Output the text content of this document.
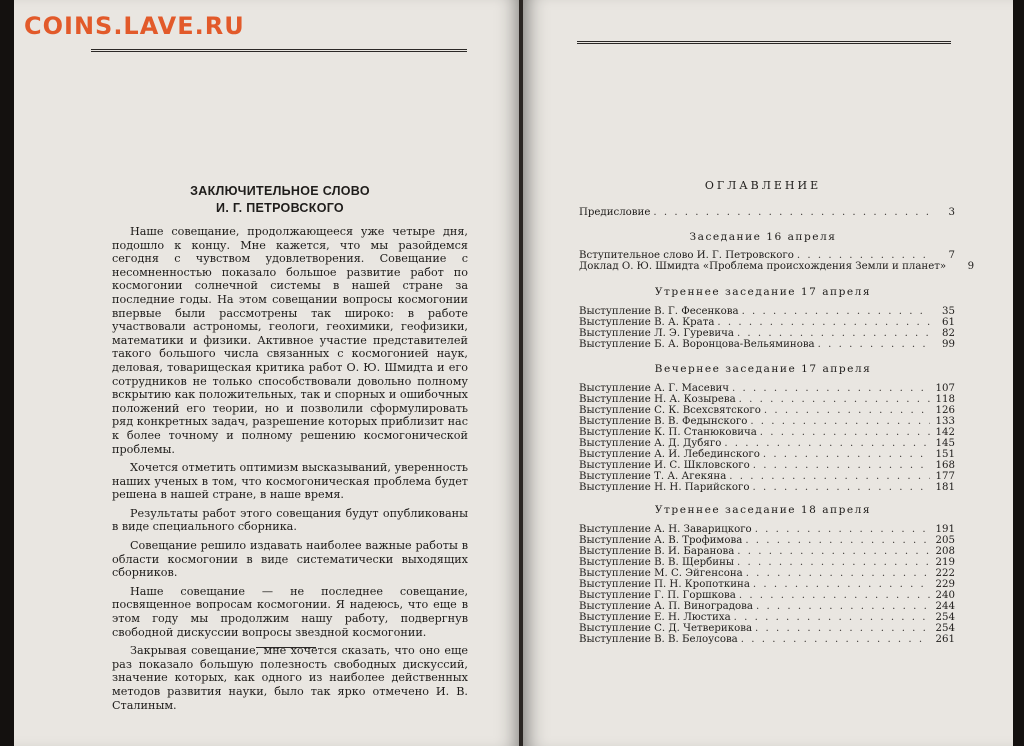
ЗАКЛЮЧИТЕЛЬНОЕ СЛОВО
И. Г. ПЕТРОВСКОГО

Наше совещание, продолжающееся уже четыре дня, подошло к концу. Мне кажется, что мы разойдемся сегодня с чувством удовлетворения. Совещание с несомненностью показало большое развитие работ по космогонии солнечной системы в нашей стране за последние годы. На этом совещании вопросы космогонии впервые были рассмотрены так широко: в работе участвовали астрономы, геологи, геохимики, геофизики, математики и физики. Активное участие представителей такого большого числа связанных с космогонией наук, деловая, товарищеская критика работ О. Ю. Шмидта и его сотрудников не только способствовали довольно полному вскрытию как положительных, так и спорных и ошибочных положений его теории, но и позволили сформулировать ряд конкретных задач, разрешение которых приблизит нас к более точному и полному решению космогонической проблемы.

Хочется отметить оптимизм высказываний, уверенность наших ученых в том, что космогоническая проблема будет решена в нашей стране, в наше время.

Результаты работ этого совещания будут опубликованы в виде специального сборника.

Совещание решило издавать наиболее важные работы в области космогонии в виде систематически выходящих сборников.

Наше совещание — не последнее совещание, посвященное вопросам космогонии. Я надеюсь, что еще в этом году мы продолжим нашу работу, подвергнув свободной дискуссии вопросы звездной космогонии.

Закрывая совещание, мне хочется сказать, что оно еще раз показало большую полезность свободных дискуссий, значение которых, как одного из наиболее действенных методов развития науки, было так ярко отмечено И. В. Сталиным.

ОГЛАВЛЕНИЕ
Предисловие . . .	3
Заседание 16 апреля
Вступительное слово И. Г. Петровского . . .	7
Доклад О. Ю. Шмидта «Проблема происхождения Земли и планет»	9
Утреннее заседание 17 апреля
Выступление В. Г. Фесенкова . . .	35
Выступление В. А. Крата . . .	61
Выступление Л. Э. Гуревича . . .	82
Выступление Б. А. Воронцова-Вельяминова . . .	99
Вечернее заседание 17 апреля
Выступление А. Г. Масевич . . .	107
Выступление Н. А. Козырева . . .	118
Выступление С. К. Всехсвятского . . .	126
Выступление В. В. Федынского . . .	133
Выступление К. П. Станюковича . . .	142
Выступление А. Д. Дубяго . . .	145
Выступление А. И. Лебединского . . .	151
Выступление И. С. Шкловского . . .	168
Выступление Т. А. Агекяна . . .	177
Выступление Н. Н. Парийского . . .	181
Утреннее заседание 18 апреля
Выступление А. Н. Заварицкого . . .	191
Выступление А. В. Трофимова . . .	205
Выступление В. И. Баранова . . .	208
Выступление В. В. Щербины . . .	219
Выступление М. С. Эйгенсона . . .	222
Выступление П. Н. Кропоткина . . .	229
Выступление Г. П. Горшкова . . .	240
Выступление А. П. Виноградова . . .	244
Выступление Е. Н. Люстиха . . .	254
Выступление С. Д. Четверикова . . .	254
Выступление В. В. Белоусова . . .	261
COINS.LAVE.RU
